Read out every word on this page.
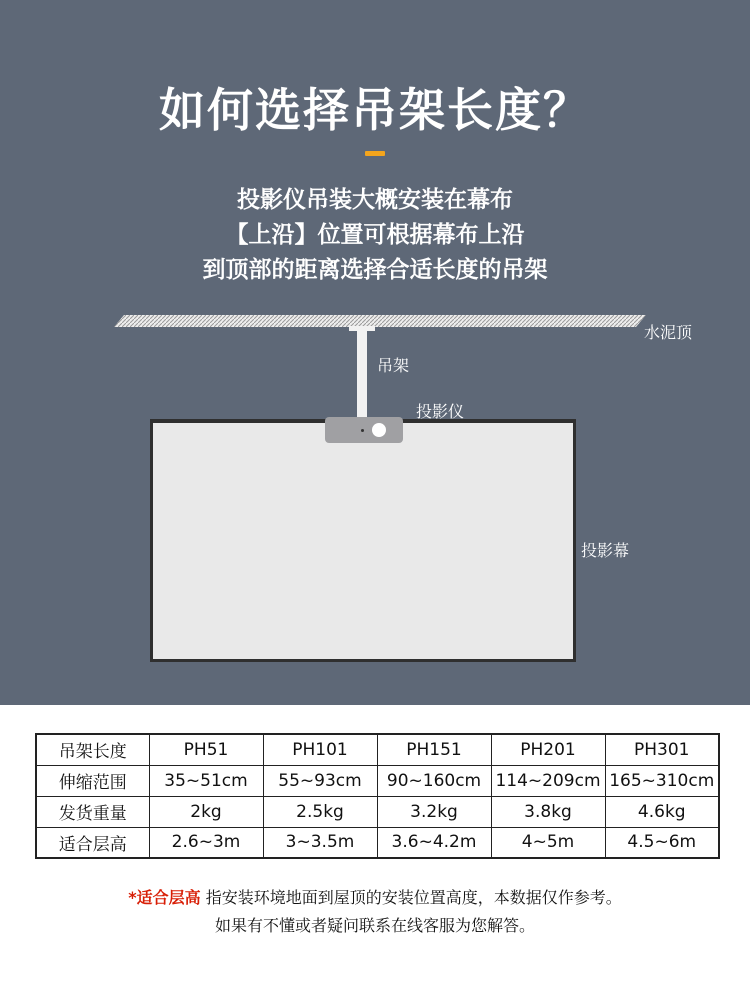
如何选择吊架长度？
投影仪吊装大概安装在幕布
【上沿】位置可根据幕布上沿
到顶部的距离选择合适长度的吊架
水泥顶
吊架
投影仪
投影幕
吊架长度	PH51	PH101	PH151	PH201	PH301
伸缩范围	35~51cm	55~93cm	90~160cm	114~209cm	165~310cm
发货重量	2kg	2.5kg	3.2kg	3.8kg	4.6kg
适合层高	2.6~3m	3~3.5m	3.6~4.2m	4~5m	4.5~6m
*适合层高 指安装环境地面到屋顶的安装位置高度，本数据仅作参考。
如果有不懂或者疑问联系在线客服为您解答。
